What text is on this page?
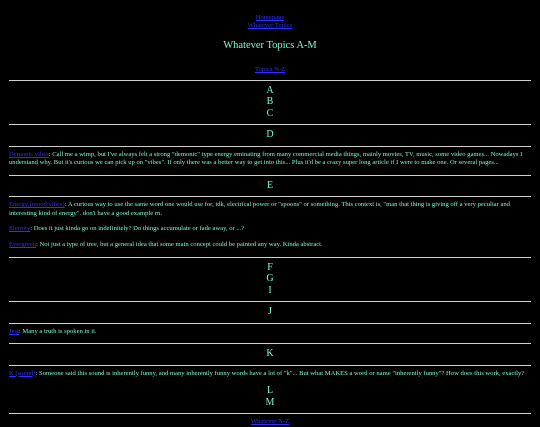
Homepage
Whatever Topics
Whatever Topics A-M
Topics N-Z
A
B
C
D
Demonic vibes: Call me a wimp, but I've always felt a strong "demonic" type energy eminating from many commercial media things, mainly movies, TV, music, some video games... Nowadays I understand why. But it's curious we can pick up on "vibes". If only there was a better way to get into this... Plus it'd be a crazy super long article if I were to make one. Or several pages...
E
Energy (mood/vibes): A curious way to use the same word one would use for, idk, electrical power or "spoons" or something. This context is, "man that thing is giving off a very peculiar and interesting kind of energy". don't have a good example rn.
Eternity: Does it just kinda go on indefinitely? Do things accumulate or fade away, or ...?
Evergreen: Not just a type of tree, but a general idea that some main concept could be painted any way. Kinda abstract.
F
G
I
J
Jest: Many a truth is spoken in it.
K
K (sound): Someone said this sound is inherently funny, and many inherently funny words have a lot of "k"... But what MAKES a word or name "inherently funny"? How does this work, exactly?
L
M
Whatever N-Z
